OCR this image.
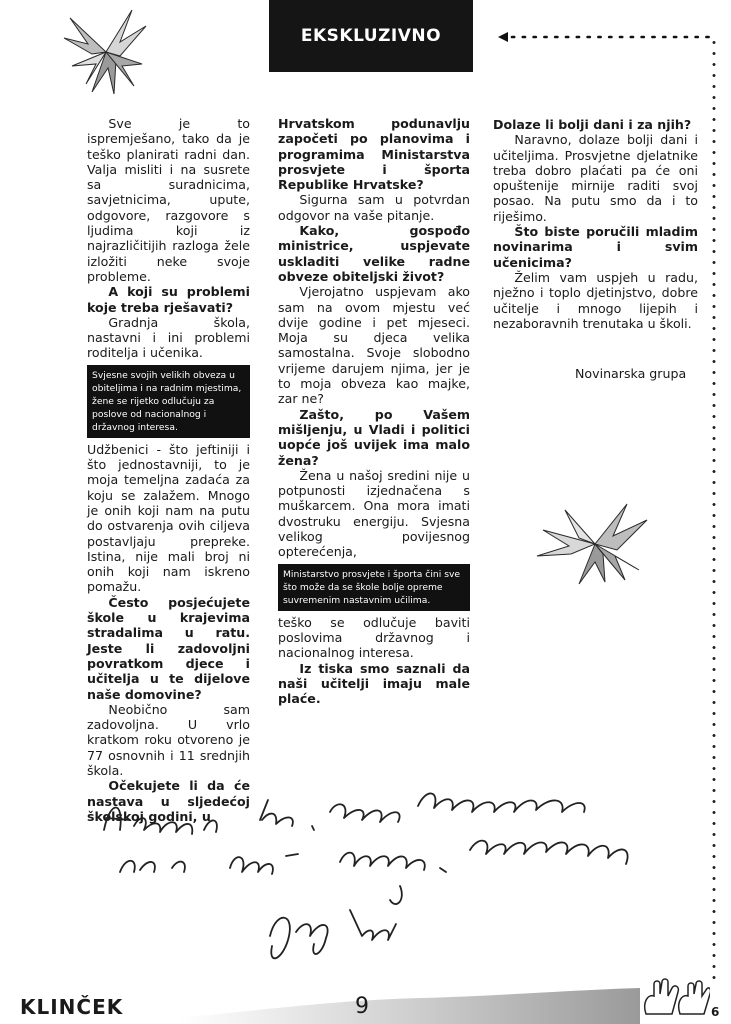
EKSKLUZIVNO

Sve je to ispremješano, tako da je teško planirati radni dan. Valja misliti i na susrete sa suradnicima, savjetnicima, upute, odgovore, razgovore s ljudima koji iz najrazličitijih razloga žele izložiti neke svoje probleme.

A koji su problemi koje treba rješavati?

Gradnja škola, nastavni i ini problemi roditelja i učenika.

Svjesne svojih velikih obveza u obiteljima i na radnim mjestima, žene se rijetko odlučuju za poslove od nacionalnog i državnog interesa.

Udžbenici - što jeftiniji i što jednostavniji, to je moja temeljna zadaća za koju se zalažem. Mnogo je onih koji nam na putu do ostvarenja ovih ciljeva postavljaju prepreke. Istina, nije mali broj ni onih koji nam iskreno pomažu.

Često posjećujete škole u krajevima stradalima u ratu. Jeste li zadovoljni povratkom djece i učitelja u te dijelove naše domovine?

Neobično sam zadovoljna. U vrlo kratkom roku otvoreno je 77 osnovnih i 11 srednjih škola.

Očekujete li da će nastava u sljedećoj školskoj godini, u

Hrvatskom podunavlju započeti po planovima i programima Ministarstva prosvjete i športa Republike Hrvatske?

Sigurna sam u potvrdan odgovor na vaše pitanje.

Kako, gospođo ministrice, uspjevate uskladiti velike radne obveze obiteljski život?

Vjerojatno uspjevam ako sam na ovom mjestu već dvije godine i pet mjeseci. Moja su djeca velika samostalna. Svoje slobodno vrijeme darujem njima, jer je to moja obveza kao majke, zar ne?

Zašto, po Vašem mišljenju, u Vladi i politici uopće još uvijek ima malo žena?

Žena u našoj sredini nije u potpunosti izjednačena s muškarcem. Ona mora imati dvostruku energiju. Svjesna velikog povijesnog opterećenja,

Ministarstvo prosvjete i športa čini sve što može da se škole bolje opreme suvremenim nastavnim učilima.

teško se odlučuje baviti poslovima državnog i nacionalnog interesa.

Iz tiska smo saznali da naši učitelji imaju male plaće.

Dolaze li bolji dani i za njih?

Naravno, dolaze bolji dani i učiteljima. Prosvjetne djelatnike treba dobro plaćati pa će oni opuštenije mirnije raditi svoj posao. Na putu smo da i to riješimo.

Što biste poručili mladim novinarima i svim učenicima?

Želim vam uspjeh u radu, nježno i toplo djetinjstvo, dobre učitelje i mnogo lijepih i nezaboravnih trenutaka u školi.

Novinarska grupa
KLINČEK	9	6
